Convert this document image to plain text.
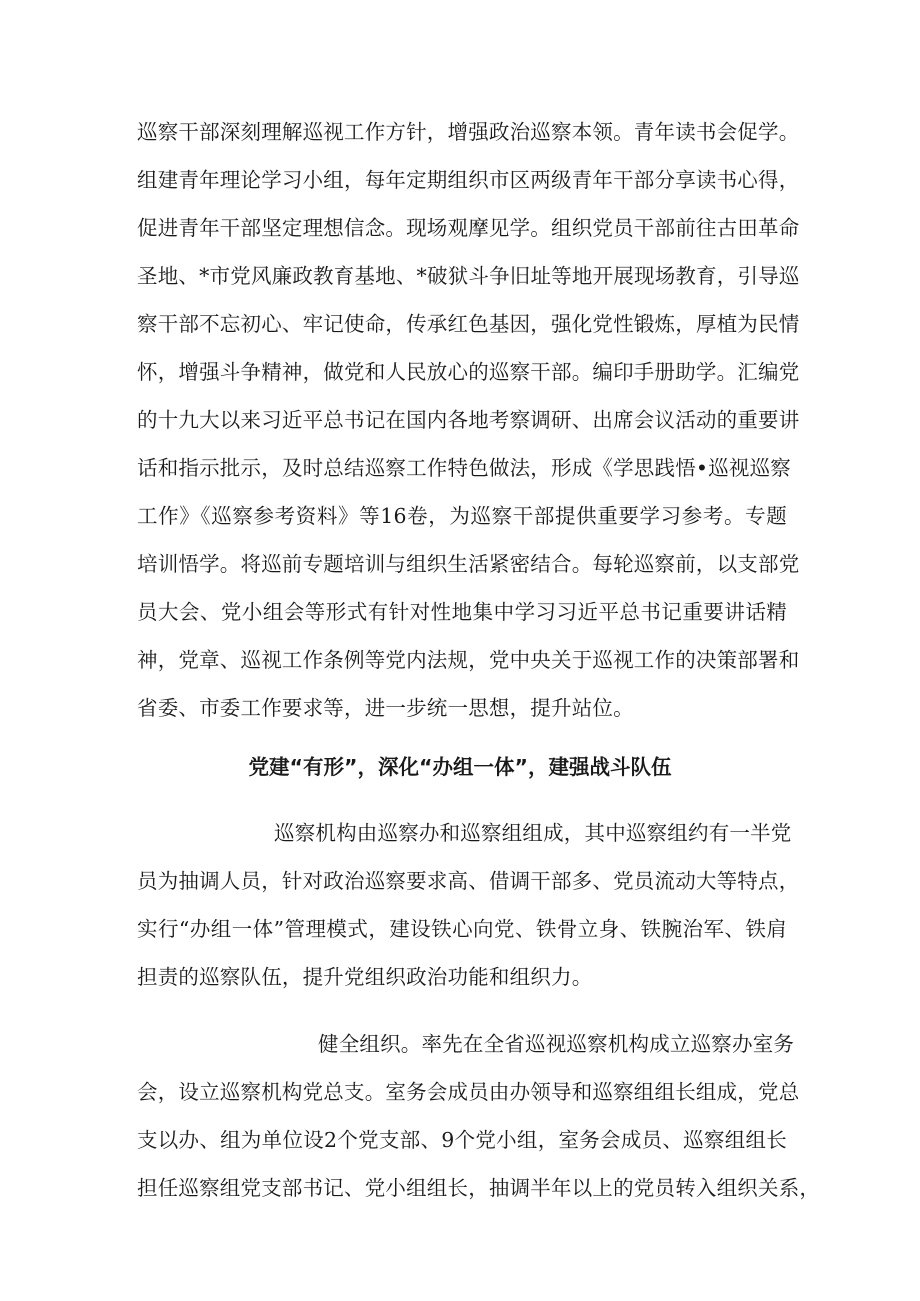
巡察干部深刻理解巡视工作方针，增强政治巡察本领。青年读书会促学。
组建青年理论学习小组，每年定期组织市区两级青年干部分享读书心得，
促进青年干部坚定理想信念。现场观摩见学。组织党员干部前往古田革命
圣地、*市党风廉政教育基地、*破狱斗争旧址等地开展现场教育，引导巡
察干部不忘初心、牢记使命，传承红色基因，强化党性锻炼，厚植为民情
怀，增强斗争精神，做党和人民放心的巡察干部。编印手册助学。汇编党
的十九大以来习近平总书记在国内各地考察调研、出席会议活动的重要讲
话和指示批示，及时总结巡察工作特色做法，形成《学思践悟•巡视巡察
工作》《巡察参考资料》等16卷，为巡察干部提供重要学习参考。专题
培训悟学。将巡前专题培训与组织生活紧密结合。每轮巡察前，以支部党
员大会、党小组会等形式有针对性地集中学习习近平总书记重要讲话精
神，党章、巡视工作条例等党内法规，党中央关于巡视工作的决策部署和
省委、市委工作要求等，进一步统一思想，提升站位。
党建“有形”，深化“办组一体”，建强战斗队伍
巡察机构由巡察办和巡察组组成，其中巡察组约有一半党
员为抽调人员，针对政治巡察要求高、借调干部多、党员流动大等特点，
实行“办组一体”管理模式，建设铁心向党、铁骨立身、铁腕治军、铁肩
担责的巡察队伍，提升党组织政治功能和组织力。
健全组织。率先在全省巡视巡察机构成立巡察办室务
会，设立巡察机构党总支。室务会成员由办领导和巡察组组长组成，党总
支以办、组为单位设2个党支部、9个党小组，室务会成员、巡察组组长
担任巡察组党支部书记、党小组组长，抽调半年以上的党员转入组织关系，
